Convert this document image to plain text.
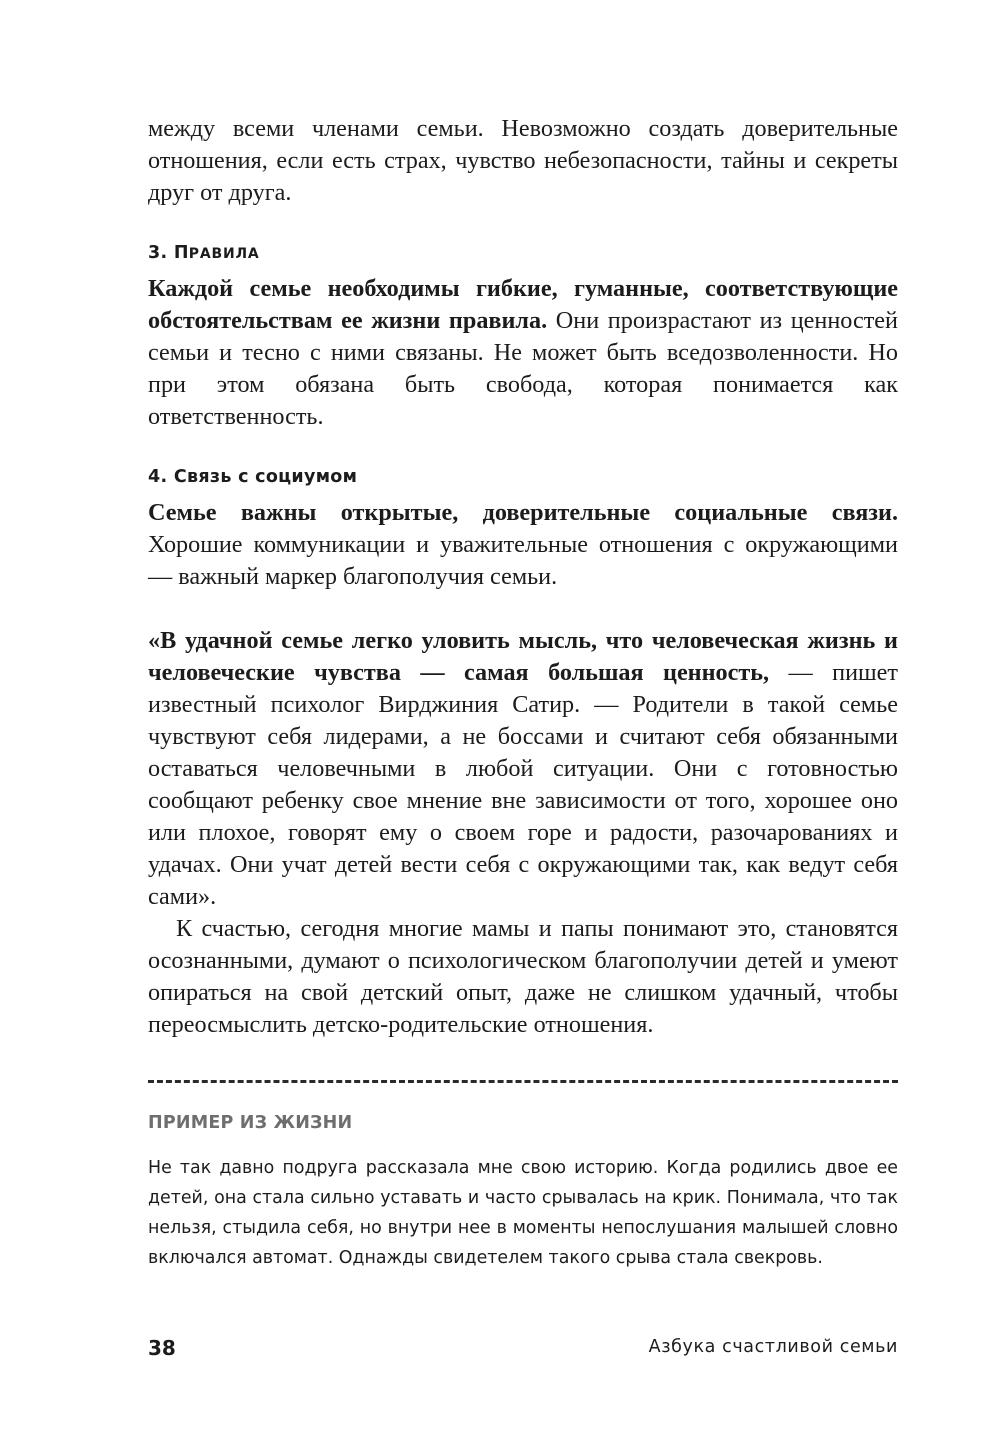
между всеми членами семьи. Невозможно создать доверительные отношения, если есть страх, чувство небезопасности, тайны и секреты друг от друга.

3. ПРАВИЛА

Каждой семье необходимы гибкие, гуманные, соответствующие обстоятельствам ее жизни правила. Они произрастают из ценностей семьи и тесно с ними связаны. Не может быть вседозволенности. Но при этом обязана быть свобода, которая понимается как ответственность.

4. Связь с социумом

Семье важны открытые, доверительные социальные связи. Хорошие коммуникации и уважительные отношения с окружающими — важный маркер благополучия семьи.

«В удачной семье легко уловить мысль, что человеческая жизнь и человеческие чувства — самая большая ценность, — пишет известный психолог Вирджиния Сатир. — Родители в такой семье чувствуют себя лидерами, а не боссами и считают себя обязанными оставаться человечными в любой ситуации. Они с готовностью сообщают ребенку свое мнение вне зависимости от того, хорошее оно или плохое, говорят ему о своем горе и радости, разочарованиях и удачах. Они учат детей вести себя с окружающими так, как ведут себя сами».

К счастью, сегодня многие мамы и папы понимают это, становятся осознанными, думают о психологическом благополучии детей и умеют опираться на свой детский опыт, даже не слишком удачный, чтобы переосмыслить детско-родительские отношения.

ПРИМЕР ИЗ ЖИЗНИ

Не так давно подруга рассказала мне свою историю. Когда родились двое ее детей, она стала сильно уставать и часто срывалась на крик. Понимала, что так нельзя, стыдила себя, но внутри нее в моменты непослушания малышей словно включался автомат. Однажды свидетелем такого срыва стала свекровь.

38	Азбука счастливой семьи
